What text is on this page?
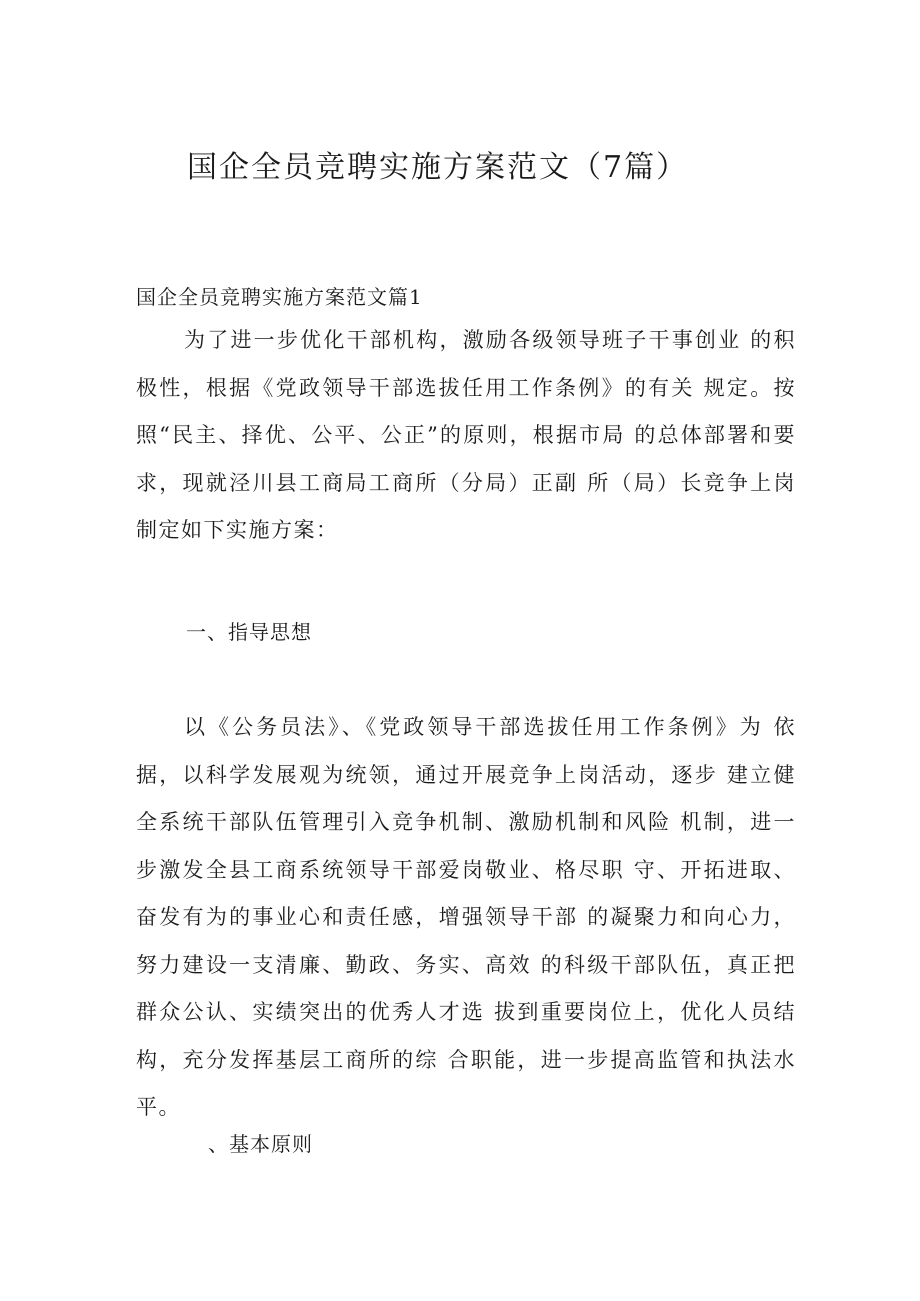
国企全员竞聘实施方案范文（7篇）
国企全员竞聘实施方案范文篇1

为了进一步优化干部机构，激励各级领导班子干事创业 的积极性，根据《党政领导干部选拔任用工作条例》的有关 规定。按照“民主、择优、公平、公正”的原则，根据市局 的总体部署和要求，现就泾川县工商局工商所（分局）正副 所（局）长竞争上岗制定如下实施方案：

一、指导思想

以《公务员法》、《党政领导干部选拔任用工作条例》为 依据，以科学发展观为统领，通过开展竞争上岗活动，逐步 建立健全系统干部队伍管理引入竞争机制、激励机制和风险 机制，进一步激发全县工商系统领导干部爱岗敬业、格尽职 守、开拓进取、奋发有为的事业心和责任感，增强领导干部 的凝聚力和向心力，努力建设一支清廉、勤政、务实、高效 的科级干部队伍，真正把群众公认、实绩突出的优秀人才选 拔到重要岗位上，优化人员结构，充分发挥基层工商所的综 合职能，进一步提高监管和执法水平。

、基本原则
